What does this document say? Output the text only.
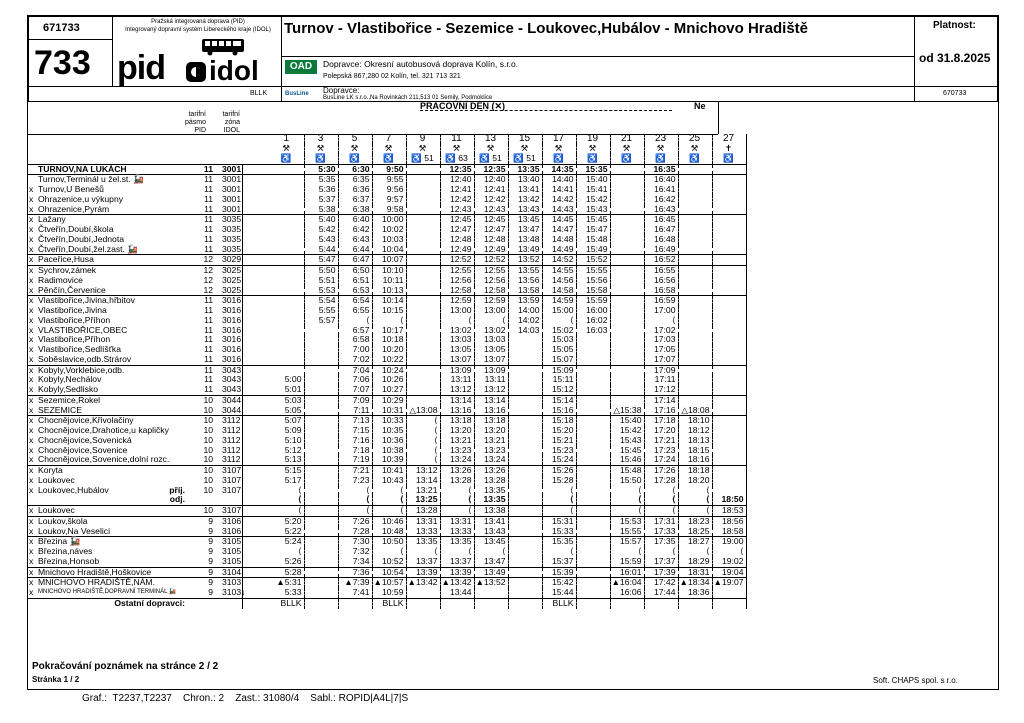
671733
733
Pražská integrovaná doprava (PID)
Integrovaný dopravní systém Libereckého kraje (IDOL)
pid idol
Turnov - Vlastibořice - Sezemice - Loukovec,Hubálov - Mnichovo Hradiště	Platnost:
od 31.8.2025
OAD	Dopravce: Okresní autobusová doprava Kolín, s.r.o.
Polepská 867,280 02 Kolín, tel. 321 713 321
BLLK	BusLine Dopravce:
BusLine LK s.r.o.,Na Rovinkách 211,513 01 Semily, Podmoklice
670733
PRACOVNÍ DEN (✕)	Ne
tarifní
pásmo
PID
tarifní
zóna
IDOL
					1	3	5	7	9	11	13	15	17	19	21	23	25	27
					⚒	⚒	⚒	⚒	⚒	⚒	⚒	⚒	⚒	⚒	⚒	⚒	⚒	✝
					♿	♿	♿	♿	♿ 51	♿ 63	♿ 51	♿ 51	♿	♿	♿	♿	♿	♿
	TURNOV,NA LUKÁCH	11	3001			5:30	6:30	9:50		12:35	12:35	13:35	14:35	15:35		16:35		
	Turnov,Terminál u žel.st. 🚂	11	3001			5:35	6:35	9:55		12:40	12:40	13:40	14:40	15:40		16:40		
x	Turnov,U Benešů	11	3001			5:36	6:36	9:56		12:41	12:41	13:41	14:41	15:41		16:41		
x	Ohrazenice,u výkupny	11	3001			5:37	6:37	9:57		12:42	12:42	13:42	14:42	15:42		16:42		
x	Ohrazenice,Pyrám	11	3001			5:38	6:38	9:58		12:43	12:43	13:43	14:43	15:43		16:43		
x	Lažany	11	3035			5:40	6:40	10:00		12:45	12:45	13:45	14:45	15:45		16:45		
x	Čtveřín,Doubí,škola	11	3035			5:42	6:42	10:02		12:47	12:47	13:47	14:47	15:47		16:47		
x	Čtveřín,Doubí,Jednota	11	3035			5:43	6:43	10:03		12:48	12:48	13:48	14:48	15:48		16:48		
x	Čtveřín,Doubí,žel.zast. 🚂	11	3035			5:44	6:44	10:04		12:49	12:49	13:49	14:49	15:49		16:49		
x	Paceřice,Husa	12	3029			5:47	6:47	10:07		12:52	12:52	13:52	14:52	15:52		16:52		
x	Sychrov,zámek	12	3025			5:50	6:50	10:10		12:55	12:55	13:55	14:55	15:55		16:55		
x	Radimovice	12	3025			5:51	6:51	10:11		12:56	12:56	13:56	14:56	15:56		16:56		
x	Pěnčín,Červenice	12	3025			5:53	6:53	10:13		12:58	12:58	13:58	14:58	15:58		16:58		
x	Vlastibořice,Jivina,hřbitov	11	3016			5:54	6:54	10:14		12:59	12:59	13:59	14:59	15:59		16:59		
x	Vlastibořice,Jivina	11	3016			5:55	6:55	10:15		13:00	13:00	14:00	15:00	16:00		17:00		
x	Vlastibořice,Příhon	11	3016			5:57	⟨	⟨		⟨	⟨	14:02	⟨	16:02		⟨		
x	VLASTIBOŘICE,OBEC	11	3016				6:57	10:17		13:02	13:02	14:03	15:02	16:03		17:02		
x	Vlastibořice,Příhon	11	3016				6:58	10:18		13:03	13:03		15:03			17:03		
x	Vlastibořice,Sedlíšťka	11	3016				7:00	10:20		13:05	13:05		15:05			17:05		
x	Soběslavice,odb.Strárov	11	3016				7:02	10:22		13:07	13:07		15:07			17:07		
x	Kobyly,Vorklebice,odb.	11	3043				7:04	10:24		13:09	13:09		15:09			17:09		
x	Kobyly,Nechálov	11	3043		5:00		7:06	10:26		13:11	13:11		15:11			17:11		
x	Kobyly,Sedlisko	11	3043		5:01		7:07	10:27		13:12	13:12		15:12			17:12		
x	Sezemice,Rokel	10	3044		5:03		7:09	10:29		13:14	13:14		15:14			17:14		
x	SEZEMICE	10	3044		5:05		7:11	10:31	△13:08	13:16	13:16		15:16		△15:38	17:16	△18:08	
x	Chocnějovice,Křivolačiny	10	3112		5:07		7:13	10:33	⟨	13:18	13:18		15:18		15:40	17:18	18:10	
x	Chocnějovice,Drahotice,u kapličky	10	3112		5:09		7:15	10:35	⟨	13:20	13:20		15:20		15:42	17:20	18:12	
x	Chocnějovice,Sovenická	10	3112		5:10		7:16	10:36	⟨	13:21	13:21		15:21		15:43	17:21	18:13	
x	Chocnějovice,Sovenice	10	3112		5:12		7:18	10:38	⟨	13:23	13:23		15:23		15:45	17:23	18:15	
x	Chocnějovice,Sovenice,dolní rozc.	10	3112		5:13		7:19	10:39	⟨	13:24	13:24		15:24		15:46	17:24	18:16	
x	Koryta	10	3107		5:15		7:21	10:41	13:12	13:26	13:26		15:26		15:48	17:26	18:18	
x	Loukovec	10	3107		5:17		7:23	10:43	13:14	13:28	13:28		15:28		15:50	17:28	18:20	
x	Loukovec,Hubálov příj.	10	3107		⟨		⟨	⟨	13:21	⟨	13:35		⟨		⟨	⟨	⟨	

	odj.				⟨		⟨	⟨	13:25	⟨	13:35		⟨		⟨	⟨	⟨	18:50
x	Loukovec	10	3107		⟨		⟨	⟨	13:28	⟨	13:38		⟨		⟨	⟨	⟨	18:53
x	Loukov,škola	9	3106		5:20		7:26	10:46	13:31	13:31	13:41		15:31		15:53	17:31	18:23	18:56
x	Loukov,Na Veselici	9	3106		5:22		7:28	10:48	13:33	13:33	13:43		15:33		15:55	17:33	18:25	18:58
x	Březina 🚂	9	3105		5:24		7:30	10:50	13:35	13:35	13:45		15:35		15:57	17:35	18:27	19:00
x	Březina,náves	9	3105		⟨		7:32	⟨	⟨	⟨	⟨		⟨		⟨	⟨	⟨	⟨
x	Březina,Honsob	9	3105		5:26		7:34	10:52	13:37	13:37	13:47		15:37		15:59	17:37	18:29	19:02
x	Mnichovo Hradiště,Hoškovice	9	3104		5:28		7:36	10:54	13:39	13:39	13:49		15:39		16:01	17:39	18:31	19:04
x	MNICHOVO HRADIŠTĚ,NÁM.	9	3103		▲5:31		▲7:39	▲10:57	▲13:42	▲13:42	▲13:52		15:42		▲16:04	17:42	▲18:34	▲19:07
x	MNICHOVO HRADIŠTĚ,DOPRAVNÍ TERMINÁL 🚂	9	3103↓		5:33		7:41	10:59		13:44			15:44		16:06	17:44	18:36	

	Ostatní dopravci:				BLLK			BLLK					BLLK					
Pokračování poznámek na stránce 2 / 2
Stránka 1 / 2	Soft. CHAPS spol. s r.o.
Graf.:  T2237,T2237    Chron.: 2    Zast.: 31080/4    Sabl.: ROPID|A4L|7|S
